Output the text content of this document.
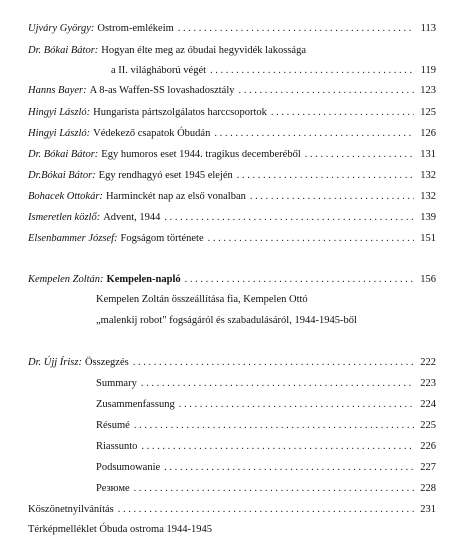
Ujváry György: Ostrom-emlékeim . . .	113
Dr. Bókai Bátor: Hogyan élte meg az óbudai hegyvidék lakossága
a II. világháború végét . . .	119
Hanns Bayer: A 8-as Waffen-SS lovashadosztály . . .	123
Hingyi László: Hungarista pártszolgálatos harccsoportok . . .	125
Hingyi László: Védekező csapatok Óbudán . . .	126
Dr. Bókai Bátor: Egy humoros eset 1944. tragikus decemberéből . . .	131
Dr.Bókai Bátor: Egy rendhagyó eset 1945 elején . . .	132
Bohacek Ottokár: Harminckét nap az első vonalban . . .	132
Ismeretlen közlő: Advent, 1944 . . .	139
Elsenbammer József: Fogságom története . . .	151
Kempelen Zoltán: Kempelen-napló . . .	156
Kempelen Zoltán összeállítása fia, Kempelen Ottó
„malenkij robot" fogságáról és szabadulásáról, 1944-1945-ből
Dr. Újj Írisz: Összegzés . . .	222
Summary . . .	223
Zusammenfassung . . .	224
Résumé . . .	225
Riassunto . . .	226
Podsumowanie . . .	227
Резюме . . .	228
Köszönetnyilvánítás . . .	231
Térképmelléklet Óbuda ostroma 1944-1945
